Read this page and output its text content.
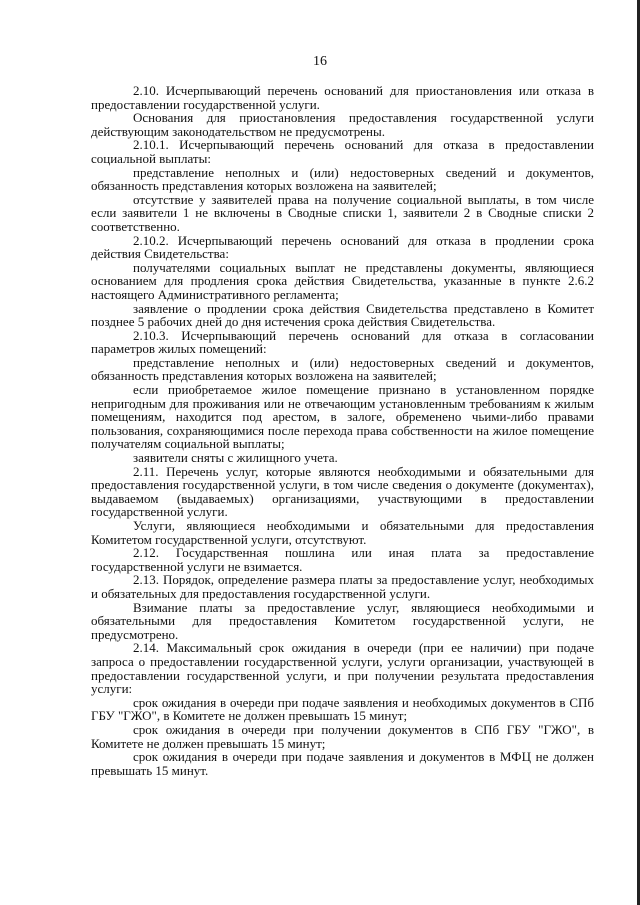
16

2.10. Исчерпывающий перечень оснований для приостановления или отказа в предоставлении государственной услуги.

Основания для приостановления предоставления государственной услуги действующим законодательством не предусмотрены.

2.10.1. Исчерпывающий перечень оснований для отказа в предоставлении социальной выплаты:

представление неполных и (или) недостоверных сведений и документов, обязанность представления которых возложена на заявителей;

отсутствие у заявителей права на получение социальной выплаты, в том числе если заявители 1 не включены в Сводные списки 1, заявители 2 в Сводные списки 2 соответственно.

2.10.2. Исчерпывающий перечень оснований для отказа в продлении срока действия Свидетельства:

получателями социальных выплат не представлены документы, являющиеся основанием для продления срока действия Свидетельства, указанные в пункте 2.6.2 настоящего Административного регламента;

заявление о продлении срока действия Свидетельства представлено в Комитет позднее 5 рабочих дней до дня истечения срока действия Свидетельства.

2.10.3. Исчерпывающий перечень оснований для отказа в согласовании параметров жилых помещений:

представление неполных и (или) недостоверных сведений и документов, обязанность представления которых возложена на заявителей;

если приобретаемое жилое помещение признано в установленном порядке непригодным для проживания или не отвечающим установленным требованиям к жилым помещениям, находится под арестом, в залоге, обременено чьими-либо правами пользования, сохраняющимися после перехода права собственности на жилое помещение получателям социальной выплаты;

заявители сняты с жилищного учета.

2.11. Перечень услуг, которые являются необходимыми и обязательными для предоставления государственной услуги, в том числе сведения о документе (документах), выдаваемом (выдаваемых) организациями, участвующими в предоставлении государственной услуги.

Услуги, являющиеся необходимыми и обязательными для предоставления Комитетом государственной услуги, отсутствуют.

2.12. Государственная пошлина или иная плата за предоставление государственной услуги не взимается.

2.13. Порядок, определение размера платы за предоставление услуг, необходимых и обязательных для предоставления государственной услуги.

Взимание платы за предоставление услуг, являющиеся необходимыми и обязательными для предоставления Комитетом государственной услуги, не предусмотрено.

2.14. Максимальный срок ожидания в очереди (при ее наличии) при подаче запроса о предоставлении государственной услуги, услуги организации, участвующей в предоставлении государственной услуги, и при получении результата предоставления услуги:

срок ожидания в очереди при подаче заявления и необходимых документов в СПб ГБУ "ГЖО", в Комитете не должен превышать 15 минут;

срок ожидания в очереди при получении документов в СПб ГБУ "ГЖО", в Комитете не должен превышать 15 минут;

срок ожидания в очереди при подаче заявления и документов в МФЦ не должен превышать 15 минут.
